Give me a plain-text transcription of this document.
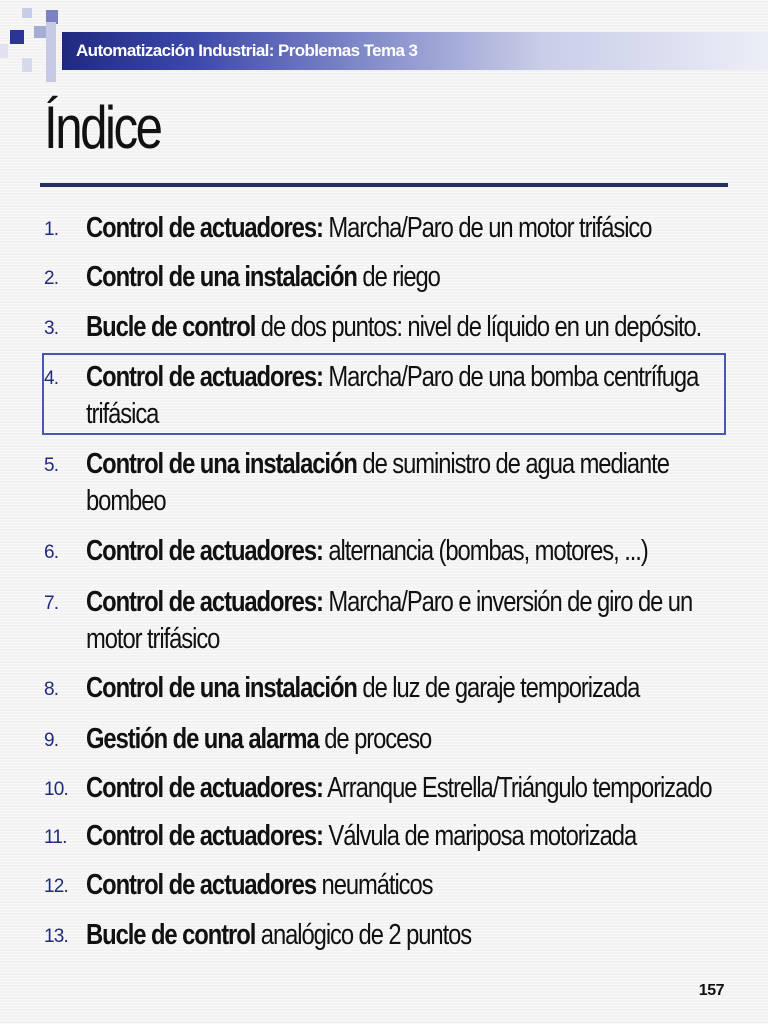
Automatización Industrial: Problemas Tema 3
Índice
1. Control de actuadores: Marcha/Paro de un motor trifásico
2. Control de una instalación de riego
3. Bucle de control de dos puntos: nivel de líquido en un depósito.
4. Control de actuadores: Marcha/Paro de una bomba centrífuga trifásica
5. Control de una instalación de suministro de agua mediante bombeo
6. Control de actuadores: alternancia (bombas, motores, ...)
7. Control de actuadores: Marcha/Paro e inversión de giro de un motor trifásico
8. Control de una instalación de luz de garaje temporizada
9. Gestión de una alarma de proceso
10. Control de actuadores: Arranque Estrella/Triángulo temporizado
11. Control de actuadores: Válvula de mariposa motorizada
12. Control de actuadores neumáticos
13. Bucle de control analógico de 2 puntos
157
